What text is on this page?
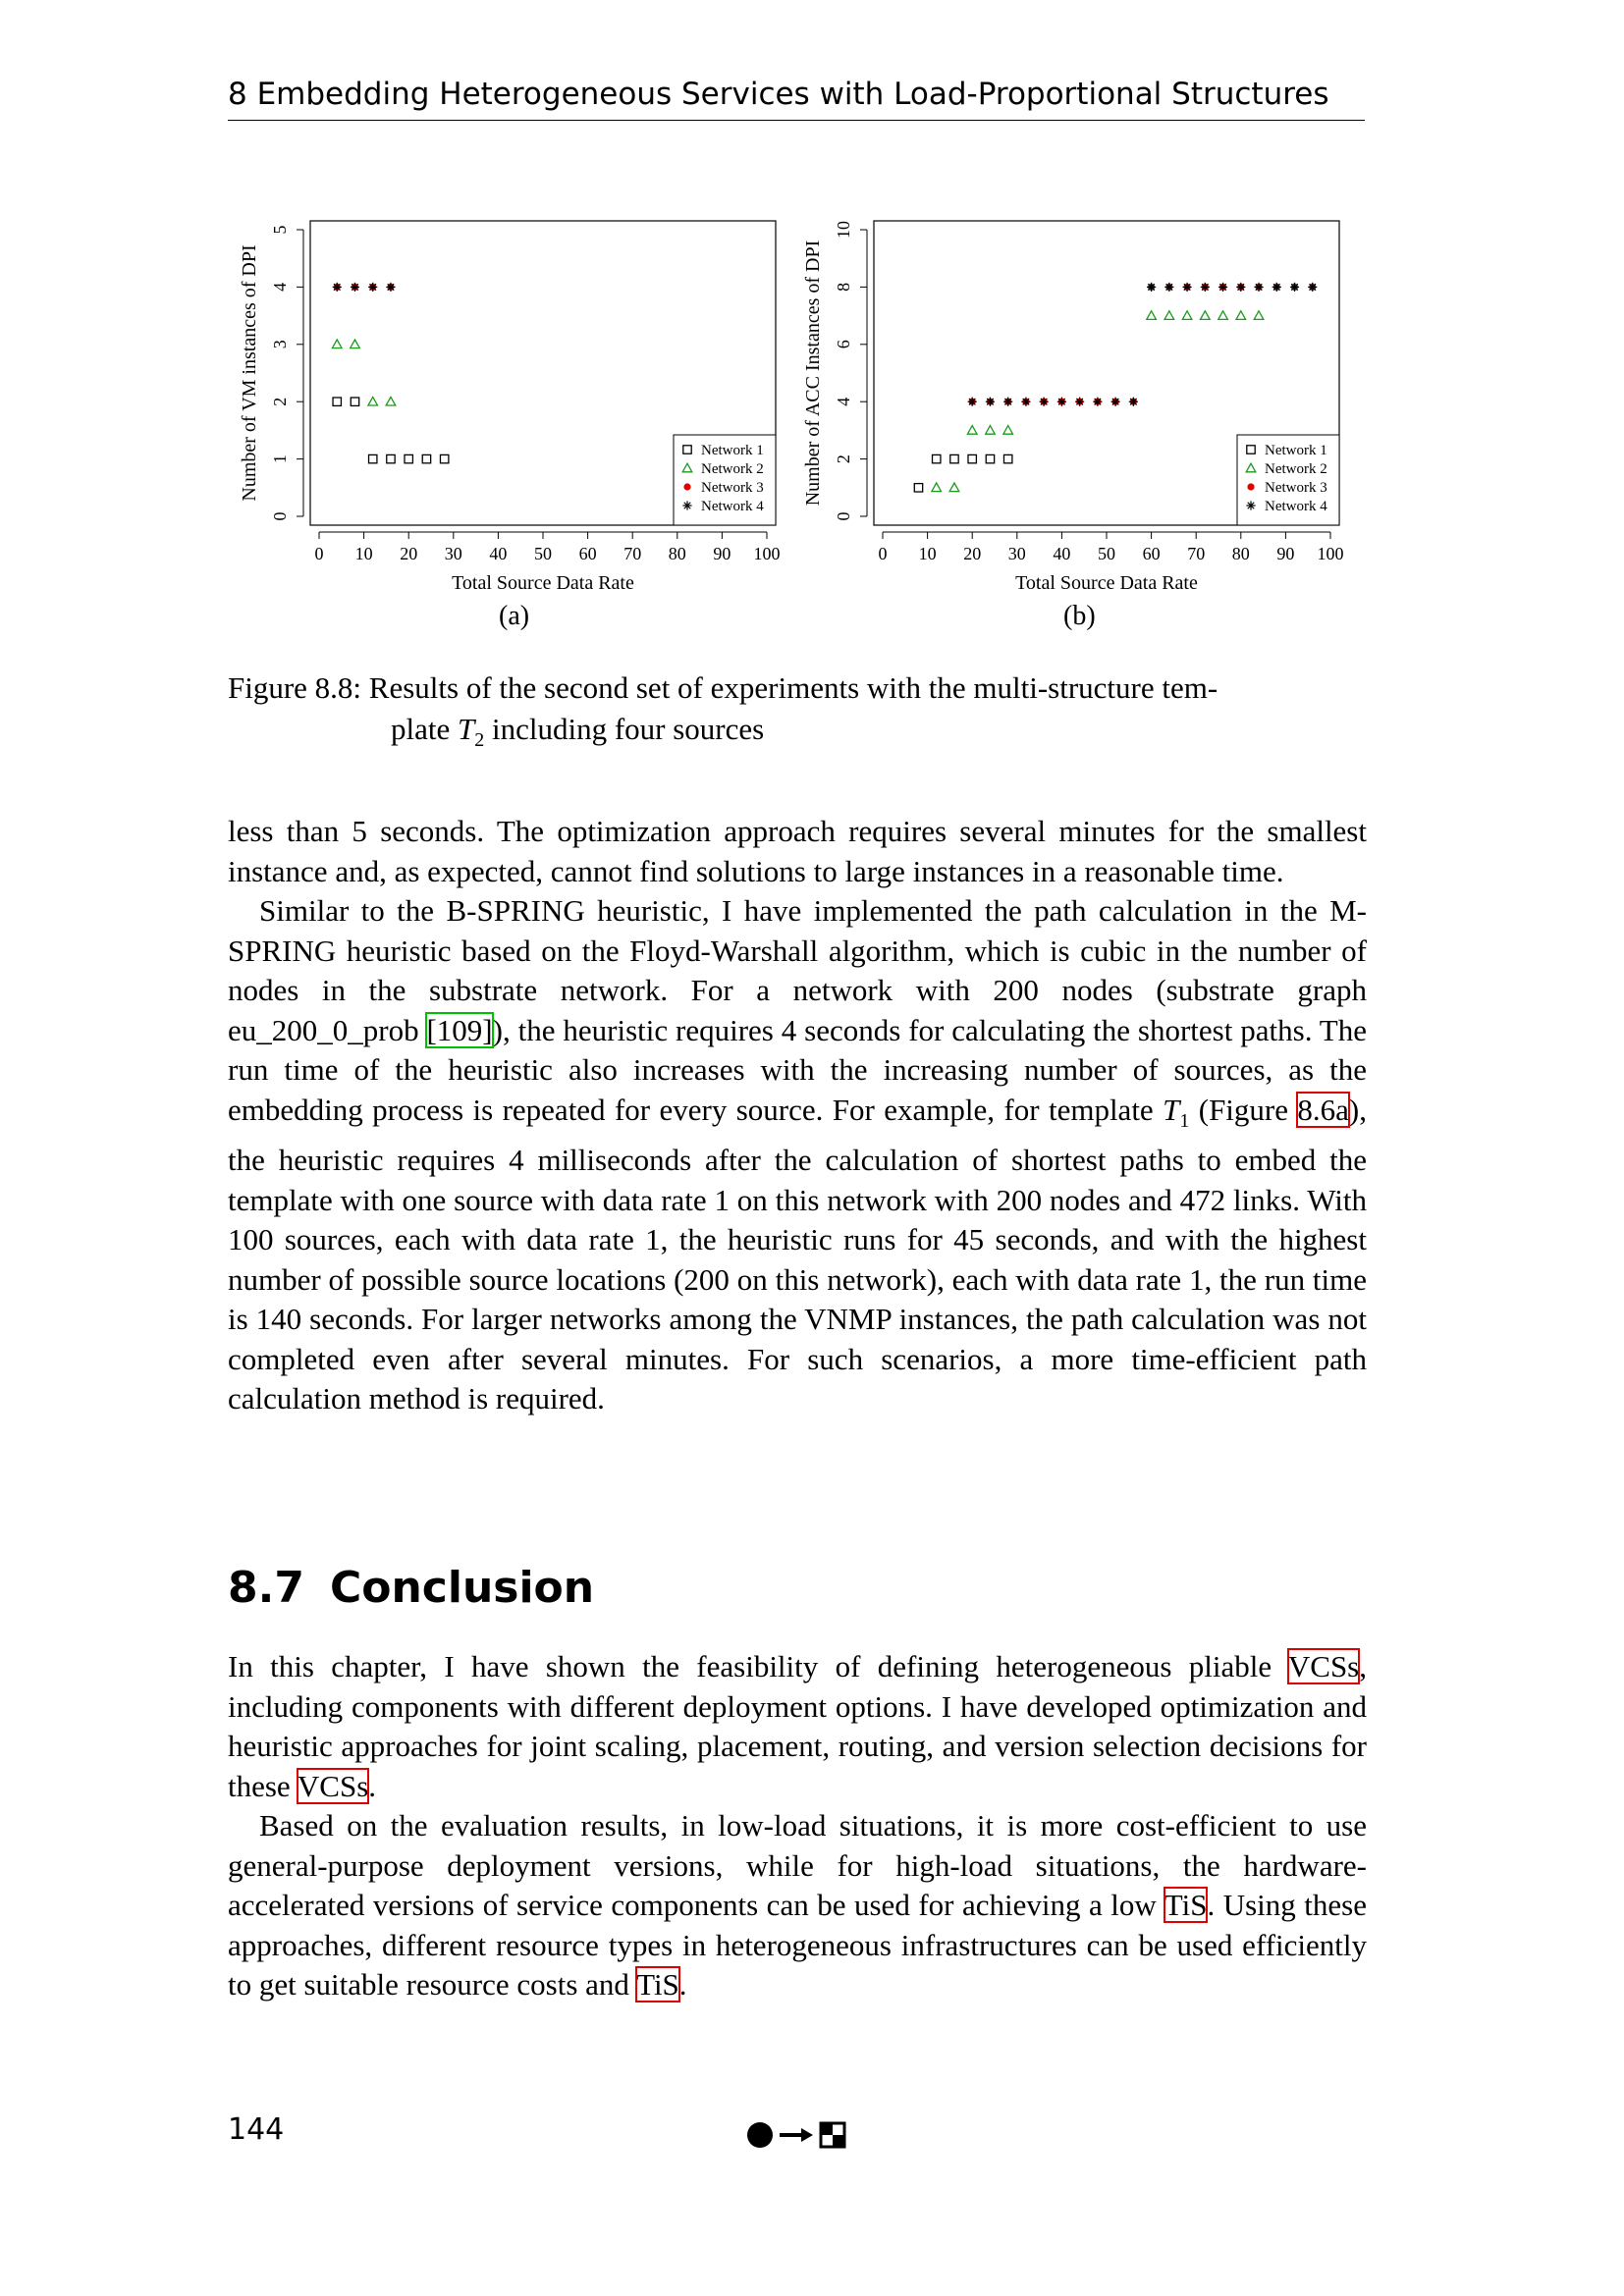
8 Embedding Heterogeneous Services with Load-Proportional Structures
0 10 20 30 40 50 60 70 80 90 100
Total Source Data Rate
0
1
2
3
4
5
Number of VM instances of DPI	Network 1
Network 2
Network 3
Network 4
(a)
0 10 20 30 40 50 60 70 80 90 100
Total Source Data Rate
0
2
4
6
8
10
Number of ACC Instances of DPI	Network 1
Network 2
Network 3
Network 4
(b)
Figure 8.8: Results of the second set of experiments with the multi-structure tem-
plate $T_2$ including four sources

less than 5 seconds. The optimization approach requires several minutes for the smallest instance and, as expected, cannot find solutions to large instances in a reasonable time.

Similar to the B-SPRING heuristic, I have implemented the path calculation in the M-SPRING heuristic based on the Floyd-Warshall algorithm, which is cubic in the number of nodes in the substrate network. For a network with 200 nodes (substrate graph eu_200_0_prob [109]), the heuristic requires 4 seconds for calculating the shortest paths. The run time of the heuristic also increases with the increasing number of sources, as the embedding process is repeated for every source. For example, for template $T_1$ (Figure 8.6a), the heuristic requires 4 milliseconds after the calculation of shortest paths to embed the template with one source with data rate 1 on this network with 200 nodes and 472 links. With 100 sources, each with data rate 1, the heuristic runs for 45 seconds, and with the highest number of possible source locations (200 on this network), each with data rate 1, the run time is 140 seconds. For larger networks among the VNMP instances, the path calculation was not completed even after several minutes. For such scenarios, a more time-efficient path calculation method is required.

8.7 Conclusion

In this chapter, I have shown the feasibility of defining heterogeneous pliable VCSs, including components with different deployment options. I have developed optimization and heuristic approaches for joint scaling, placement, routing, and version selection decisions for these VCSs.

Based on the evaluation results, in low-load situations, it is more cost-efficient to use general-purpose deployment versions, while for high-load situations, the hardware-accelerated versions of service components can be used for achieving a low TiS. Using these approaches, different resource types in heterogeneous infrastructures can be used efficiently to get suitable resource costs and TiS.

144
